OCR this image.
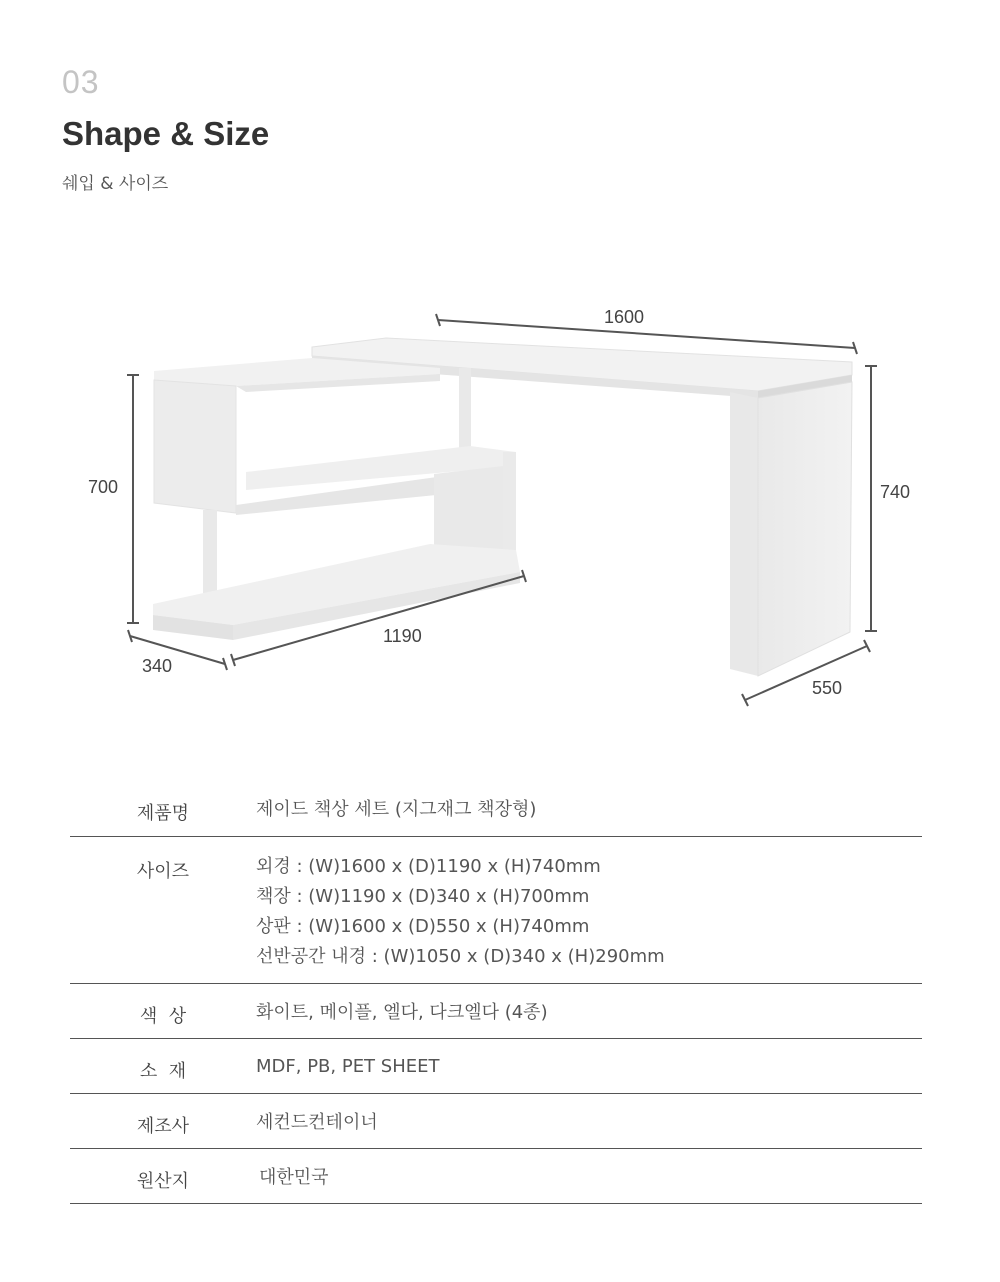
03
Shape & Size
쉐입 & 사이즈
1600
700	740
340
1190
550
제품명	제이드 책상 세트 (지그재그 책장형)
사이즈	외경 : (W)1600 x (D)1190 x (H)740mm
책장 : (W)1190 x (D)340 x (H)700mm
상판 : (W)1600 x (D)550 x (H)740mm
선반공간 내경 : (W)1050 x (D)340 x (H)290mm
색  상	화이트, 메이플, 엘다, 다크엘다 (4종)
소  재	MDF, PB, PET SHEET
제조사	세컨드컨테이너
원산지	대한민국
